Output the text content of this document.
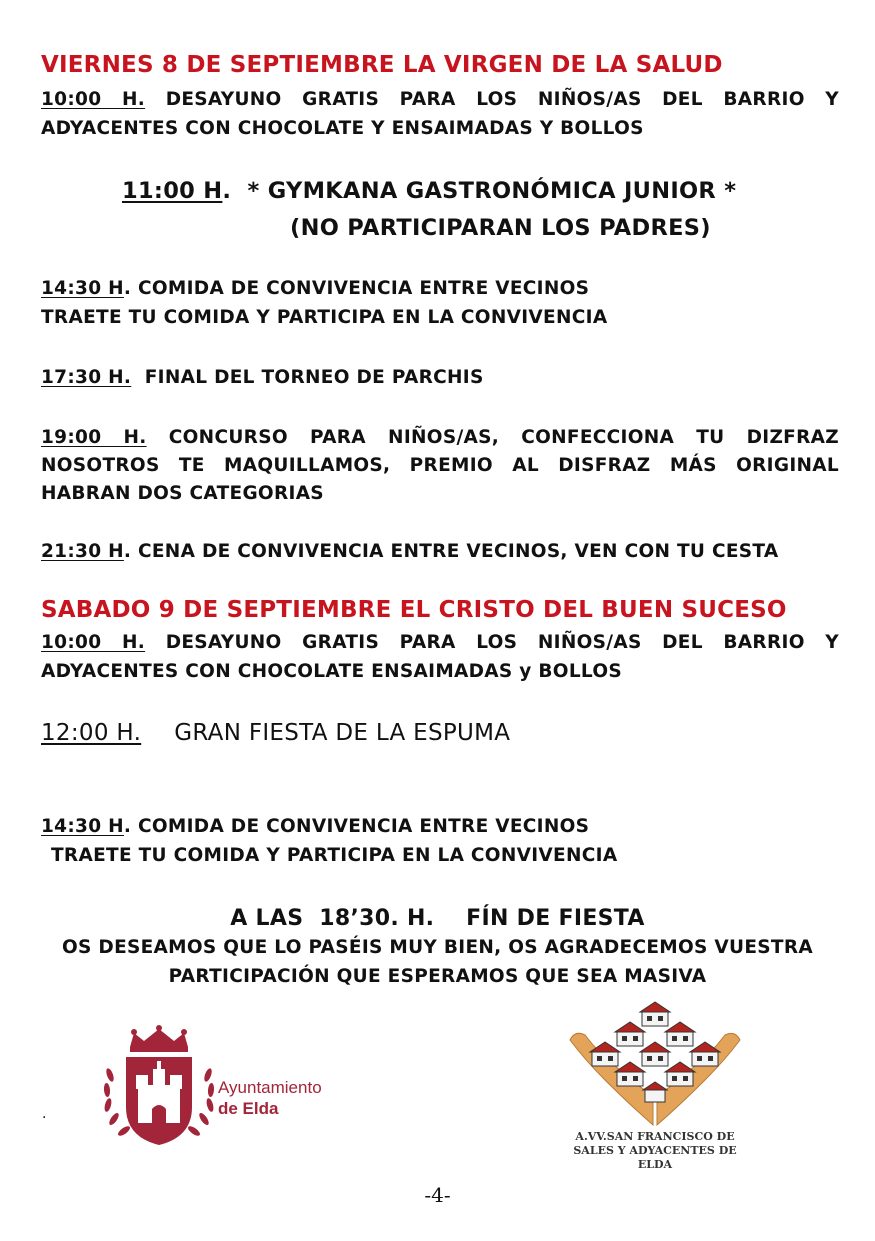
VIERNES 8 DE SEPTIEMBRE LA VIRGEN DE LA SALUD
10:00 H. DESAYUNO GRATIS PARA LOS NIÑOS/AS DEL BARRIO Y
ADYACENTES CON CHOCOLATE Y ENSAIMADAS Y BOLLOS
11:00 H.  * GYMKANA GASTRONÓMICA JUNIOR *
(NO PARTICIPARAN LOS PADRES)
14:30 H. COMIDA DE CONVIVENCIA ENTRE VECINOS
TRAETE TU COMIDA Y PARTICIPA EN LA CONVIVENCIA
17:30 H.  FINAL DEL TORNEO DE PARCHIS
19:00 H. CONCURSO PARA NIÑOS/AS, CONFECCIONA TU DIZFRAZ
NOSOTROS TE MAQUILLAMOS, PREMIO AL DISFRAZ MÁS ORIGINAL
HABRAN DOS CATEGORIAS
21:30 H. CENA DE CONVIVENCIA ENTRE VECINOS, VEN CON TU CESTA
SABADO 9 DE SEPTIEMBRE EL CRISTO DEL BUEN SUCESO
10:00 H. DESAYUNO GRATIS PARA LOS NIÑOS/AS DEL BARRIO Y
ADYACENTES CON CHOCOLATE ENSAIMADAS y BOLLOS
12:00 H. GRAN FIESTA DE LA ESPUMA
14:30 H. COMIDA DE CONVIVENCIA ENTRE VECINOS
TRAETE TU COMIDA Y PARTICIPA EN LA CONVIVENCIA
A LAS  18’30. H.    FÍN DE FIESTA
OS DESEAMOS QUE LO PASÉIS MUY BIEN, OS AGRADECEMOS VUESTRA
PARTICIPACIÓN QUE ESPERAMOS QUE SEA MASIVA
Ayuntamiento
de Elda
.
A.VV.SAN FRANCISCO DE
SALES Y ADYACENTES DE
ELDA
-4-
